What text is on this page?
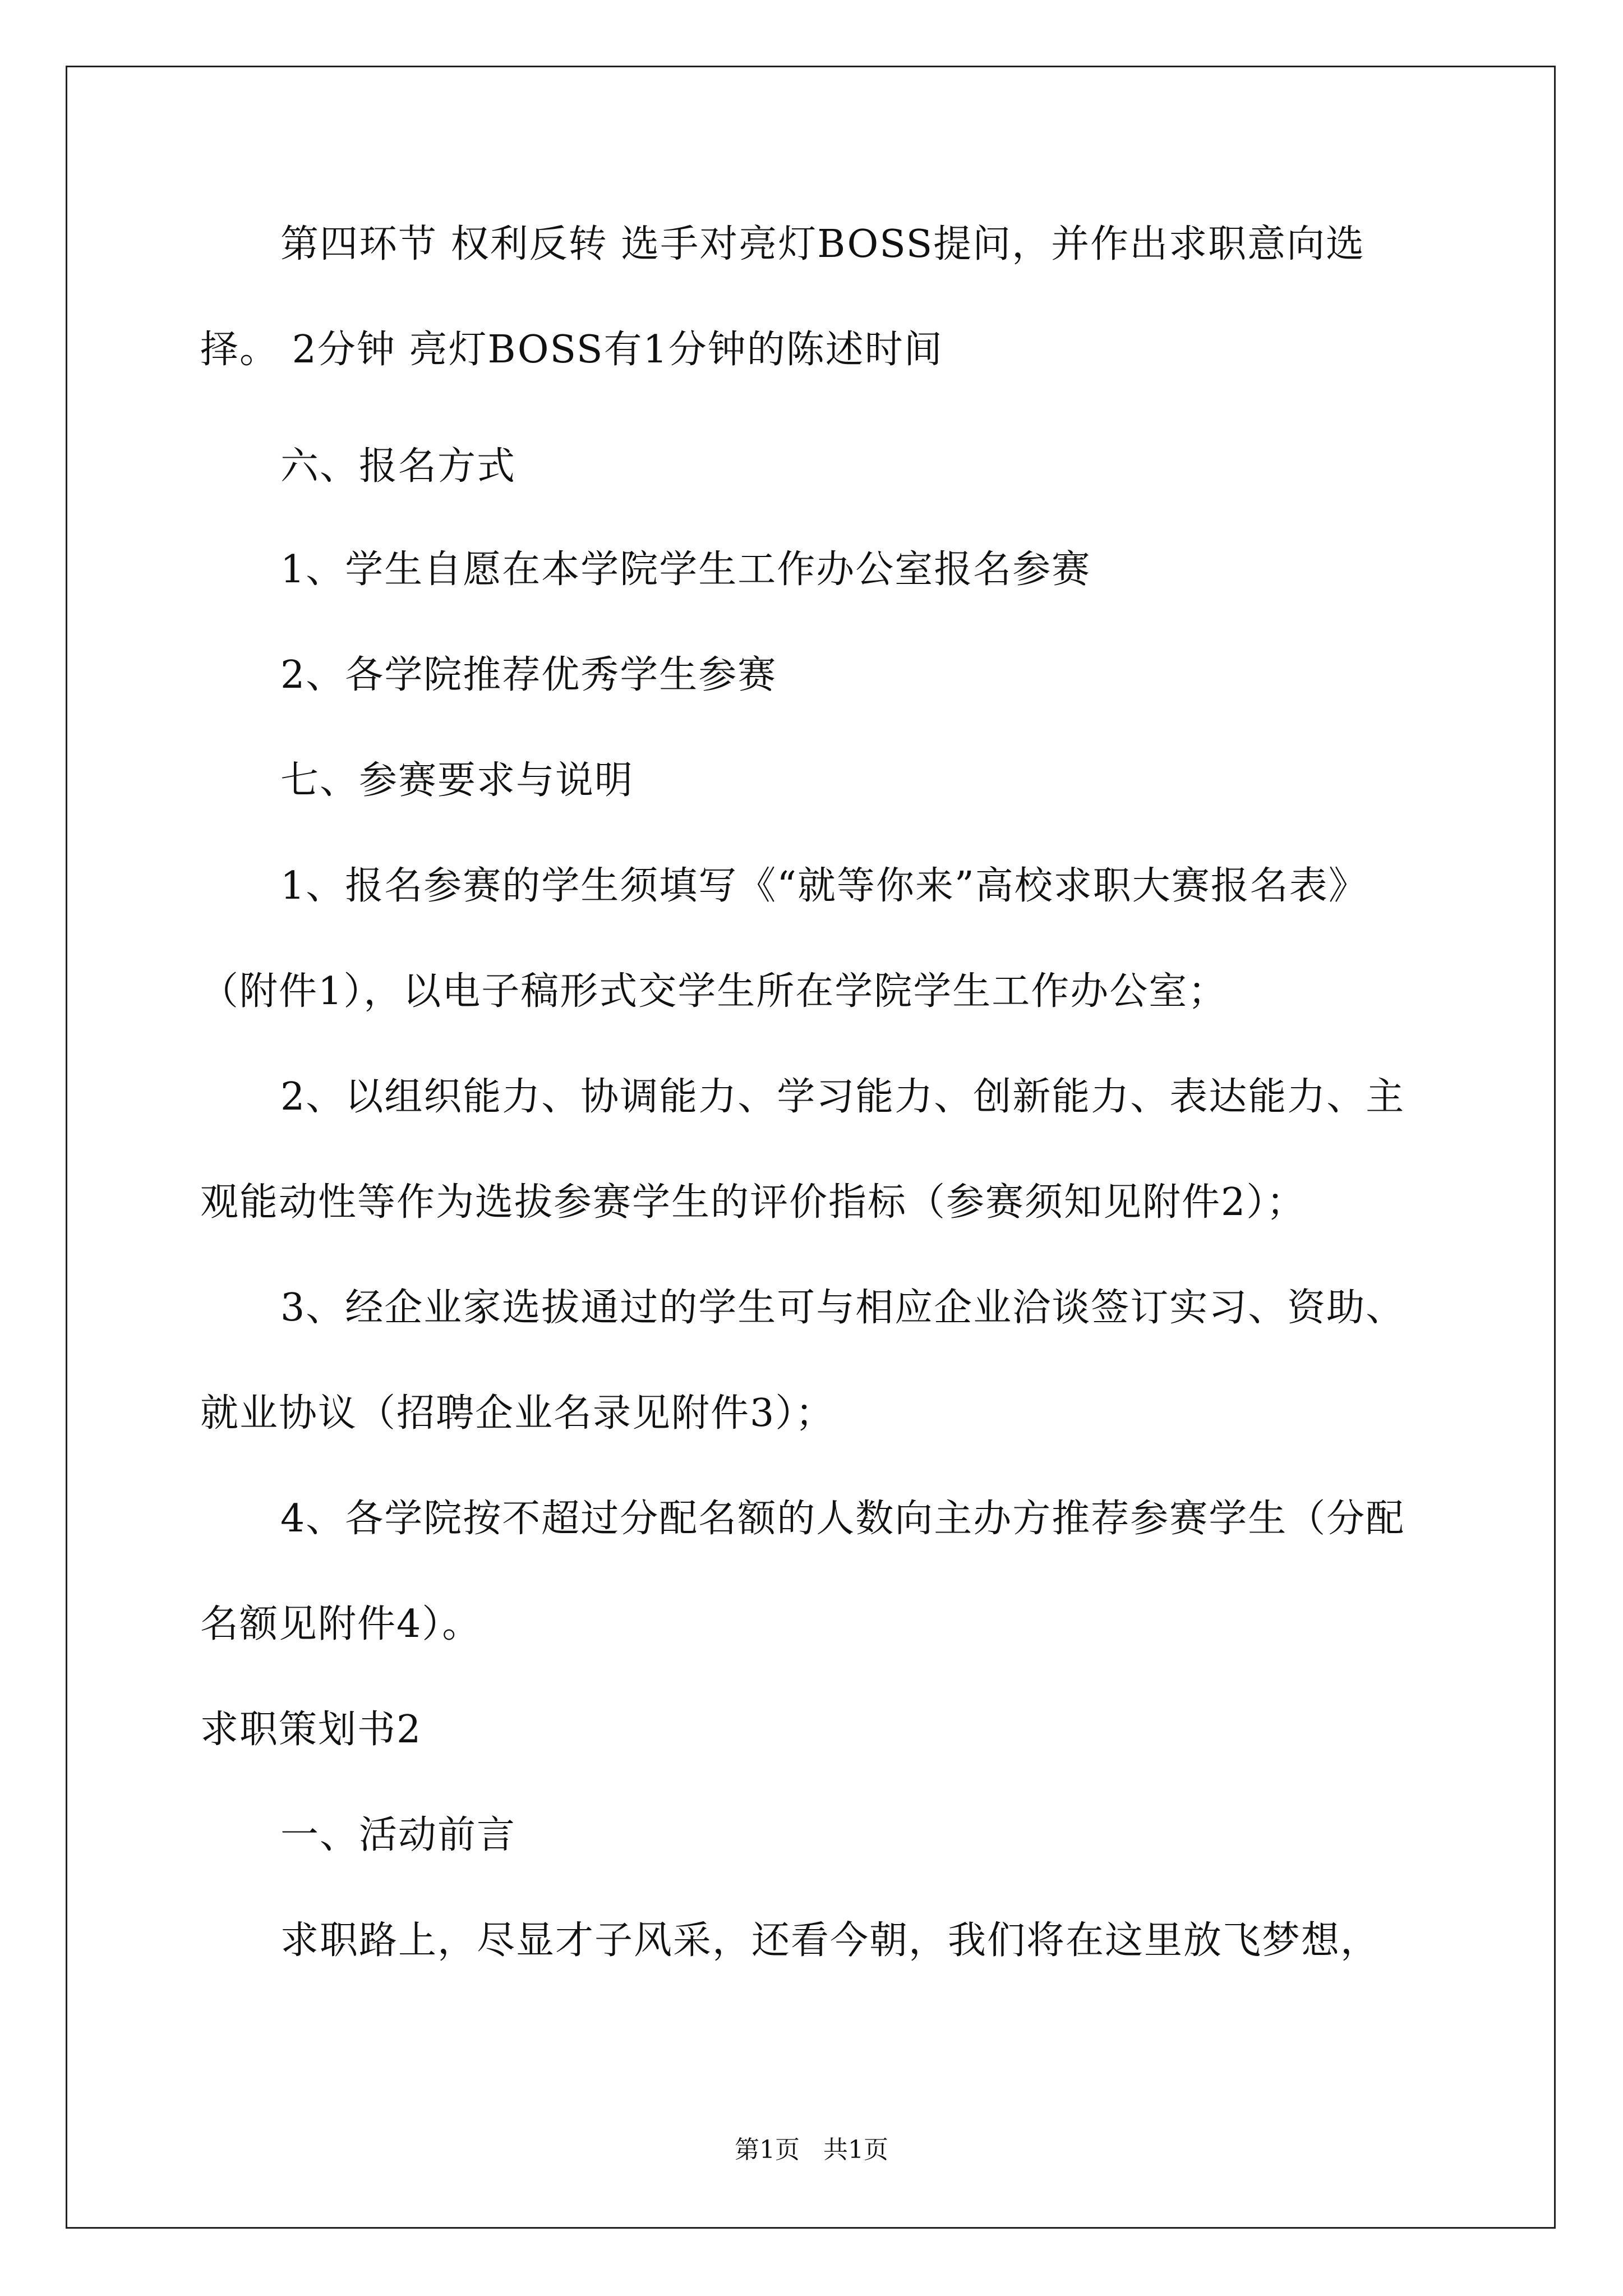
第四环节 权利反转 选手对亮灯BOSS提问，并作出求职意向选
择。 2分钟 亮灯BOSS有1分钟的陈述时间
六、报名方式
1、学生自愿在本学院学生工作办公室报名参赛
2、各学院推荐优秀学生参赛
七、参赛要求与说明
1、报名参赛的学生须填写《“就等你来”高校求职大赛报名表》
（附件1），以电子稿形式交学生所在学院学生工作办公室；
2、以组织能力、协调能力、学习能力、创新能力、表达能力、主
观能动性等作为选拔参赛学生的评价指标（参赛须知见附件2）；
3、经企业家选拔通过的学生可与相应企业洽谈签订实习、资助、
就业协议（招聘企业名录见附件3）；
4、各学院按不超过分配名额的人数向主办方推荐参赛学生（分配
名额见附件4）。
求职策划书2
一、活动前言
求职路上，尽显才子风采，还看今朝，我们将在这里放飞梦想，
第1页   共1页
